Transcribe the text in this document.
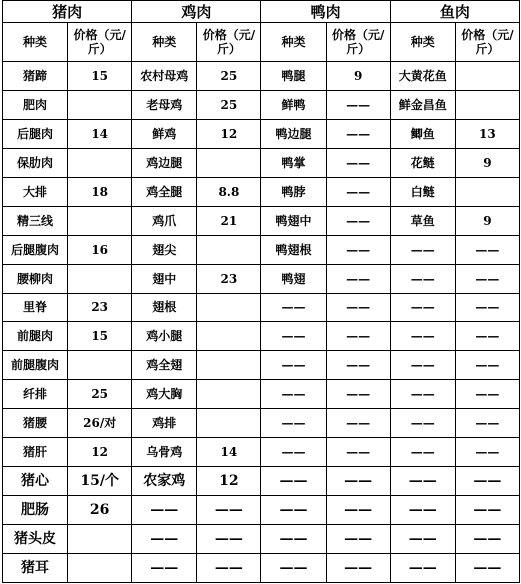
猪肉		鸡肉		鸭肉		鱼肉	
种类	价格（元/斤）	种类	价格（元/斤）	种类	价格（元/斤）	种类	价格（元/斤）
猪蹄	15	农村母鸡	25	鸭腿	9	大黄花鱼	
肥肉		老母鸡	25	鲜鸭	——	鲜金昌鱼	
后腿肉	14	鲜鸡	12	鸭边腿	——	鲫鱼	13
保肋肉		鸡边腿		鸭掌	——	花鲢	9
大排	18	鸡全腿	8.8	鸭脖	——	白鲢	
精三线		鸡爪	21	鸭翅中	——	草鱼	9
后腿腹肉	16	翅尖		鸭翅根	——	——	——
腰柳肉		翅中	23	鸭翅	——	——	——
里脊	23	翅根		——	——	——	——
前腿肉	15	鸡小腿		——	——	——	——
前腿腹肉		鸡全翅		——	——	——	——
纤排	25	鸡大胸		——	——	——	——
猪腰	26/对	鸡排		——	——	——	——
猪肝	12	乌骨鸡	14	——	——	——	——
猪心	15/个	农家鸡	12	——	——	——	——
肥肠	26	——	——	——	——	——	——
猪头皮		——	——	——	——	——	——
猪耳		——	——	——	——	——	——
